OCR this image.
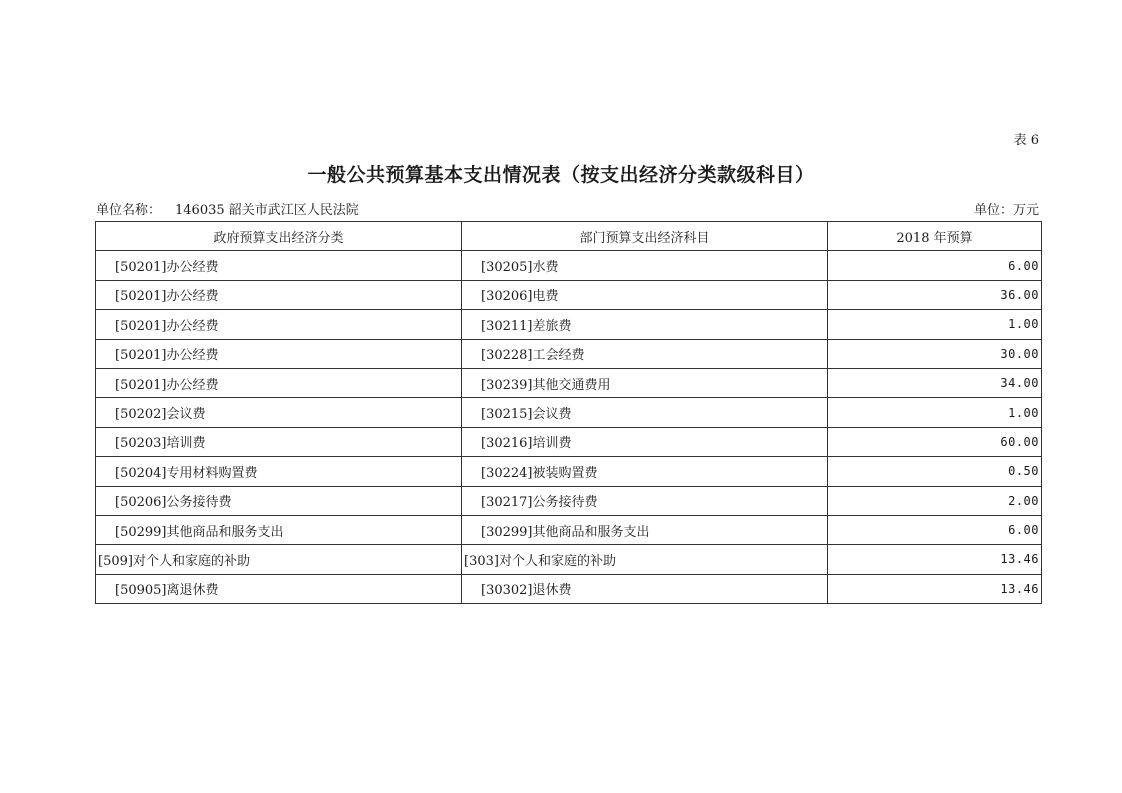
表 6
一般公共预算基本支出情况表（按支出经济分类款级科目）
单位名称： 146035 韶关市武江区人民法院	单位：万元
政府预算支出经济分类	部门预算支出经济科目	2018 年预算
[50201]办公经费	[30205]水费	6.00
[50201]办公经费	[30206]电费	36.00
[50201]办公经费	[30211]差旅费	1.00
[50201]办公经费	[30228]工会经费	30.00
[50201]办公经费	[30239]其他交通费用	34.00
[50202]会议费	[30215]会议费	1.00
[50203]培训费	[30216]培训费	60.00
[50204]专用材料购置费	[30224]被装购置费	0.50
[50206]公务接待费	[30217]公务接待费	2.00
[50299]其他商品和服务支出	[30299]其他商品和服务支出	6.00
[509]对个人和家庭的补助	[303]对个人和家庭的补助	13.46
[50905]离退休费	[30302]退休费	13.46
